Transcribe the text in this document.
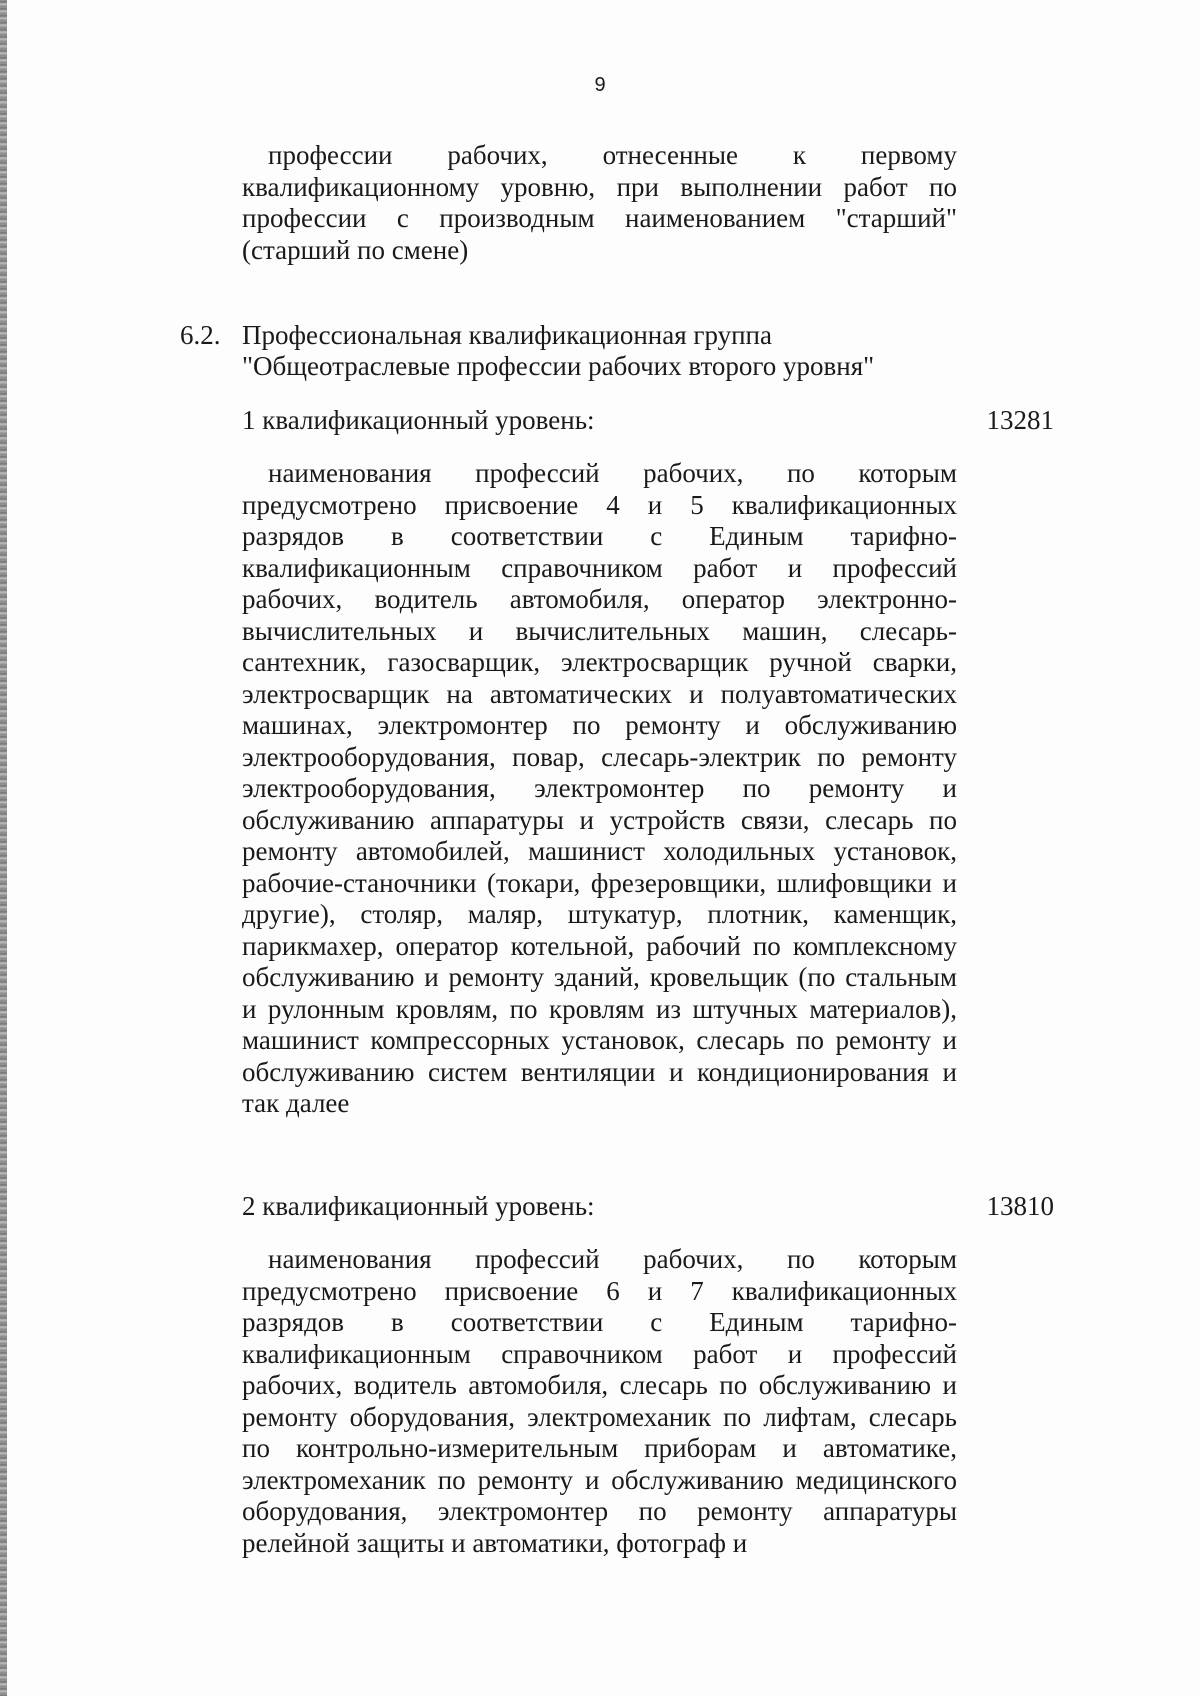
9

профессии рабочих, отнесенные к первому квалификационному уровню, при выполнении работ по профессии с производным наименованием "старший" (старший по смене)

6.2. Профессиональная квалификационная группа
"Общеотраслевые профессии рабочих второго уровня"
1 квалификационный уровень:	13281

наименования профессий рабочих, по которым предусмотрено присвоение 4 и 5 квалификационных разрядов в соответствии с Единым тарифно-квалификационным справочником работ и профессий рабочих, водитель автомобиля, оператор электронно-вычислительных и вычислительных машин, слесарь-сантехник, газосварщик, электросварщик ручной сварки, электросварщик на автоматических и полуавтоматических машинах, электромонтер по ремонту и обслуживанию электрооборудования, повар, слесарь-электрик по ремонту электрооборудования, электромонтер по ремонту и обслуживанию аппаратуры и устройств связи, слесарь по ремонту автомобилей, машинист холодильных установок, рабочие-станочники (токари, фрезеровщики, шлифовщики и другие), столяр, маляр, штукатур, плотник, каменщик, парикмахер, оператор котельной, рабочий по комплексному обслуживанию и ремонту зданий, кровельщик (по стальным и рулонным кровлям, по кровлям из штучных материалов), машинист компрессорных установок, слесарь по ремонту и обслуживанию систем вентиляции и кондиционирования и так далее

2 квалификационный уровень:	13810

наименования профессий рабочих, по которым предусмотрено присвоение 6 и 7 квалификационных разрядов в соответствии с Единым тарифно-квалификационным справочником работ и профессий рабочих, водитель автомобиля, слесарь по обслуживанию и ремонту оборудования, электромеханик по лифтам, слесарь по контрольно-измерительным приборам и автоматике, электромеханик по ремонту и обслуживанию медицинского оборудования, электромонтер по ремонту аппаратуры релейной защиты и автоматики, фотограф и
